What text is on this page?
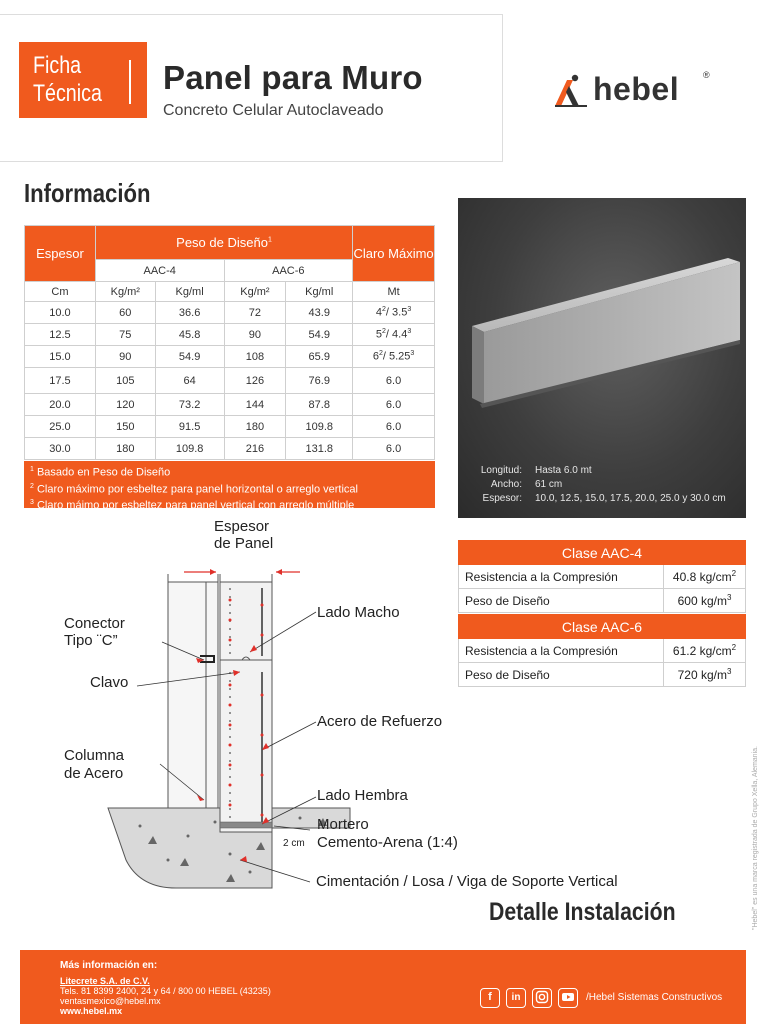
Ficha
Técnica Panel para Muro
Concreto Celular Autoclaveado
hebel	®
Información
Espesor	Peso de Diseño$^1$				Claro Máximo
	AAC-4		AAC-6		
Cm	Kg/m²	Kg/ml	Kg/m²	Kg/ml	Mt
10.0	60	36.6	72	43.9	$4^2/$ $3.5^3$
12.5	75	45.8	90	54.9	$5^2/$ $4.4^3$
15.0	90	54.9	108	65.9	$6^2/$ 5.25$^3$
17.5	105	64	126	76.9	6.0
20.0	120	73.2	144	87.8	6.0
25.0	150	91.5	180	109.8	6.0
30.0	180	109.8	216	131.8	6.0
$^1$ Basado en Peso de Diseño
$^2$ Claro máximo por esbeltez para panel horizontal o arreglo vertical
$^3$ Claro máimo por esbeltez para panel vertical con arreglo múltiple
Longitud: Hasta 6.0 mt
Ancho: 61 cm
Espesor: 10.0, 12.5, 15.0, 17.5, 20.0, 25.0 y 30.0 cm
Clase AAC-4	
Resistencia a la Compresión	40.8 $kg/cm^2$
Peso de Diseño	600 $kg/m^3$
Clase AAC-6	
Resistencia a la Compresión	61.2 $kg/cm^2$
Peso de Diseño	720 $kg/m^3$
Espesor
de Panel
Conector
Tipo ¨C”
Clavo
Columna
de Acero
Lado Macho
Acero de Refuerzo
Lado Hembra
Mortero
Cemento-Arena (1:4)
2 cm
Cimentación / Losa / Viga de Soporte Vertical
Detalle Instalación	"Hebel" es una marca registrada de Grupo Xella, Alemania.
Más información en:
Litecrete S.A. de C.V.
Tels. 81 8399 2400, 24 y 64 / 800 00 HEBEL (43235)
ventasmexico@hebel.mx
www.hebel.mx
f	in	/Hebel Sistemas Constructivos
